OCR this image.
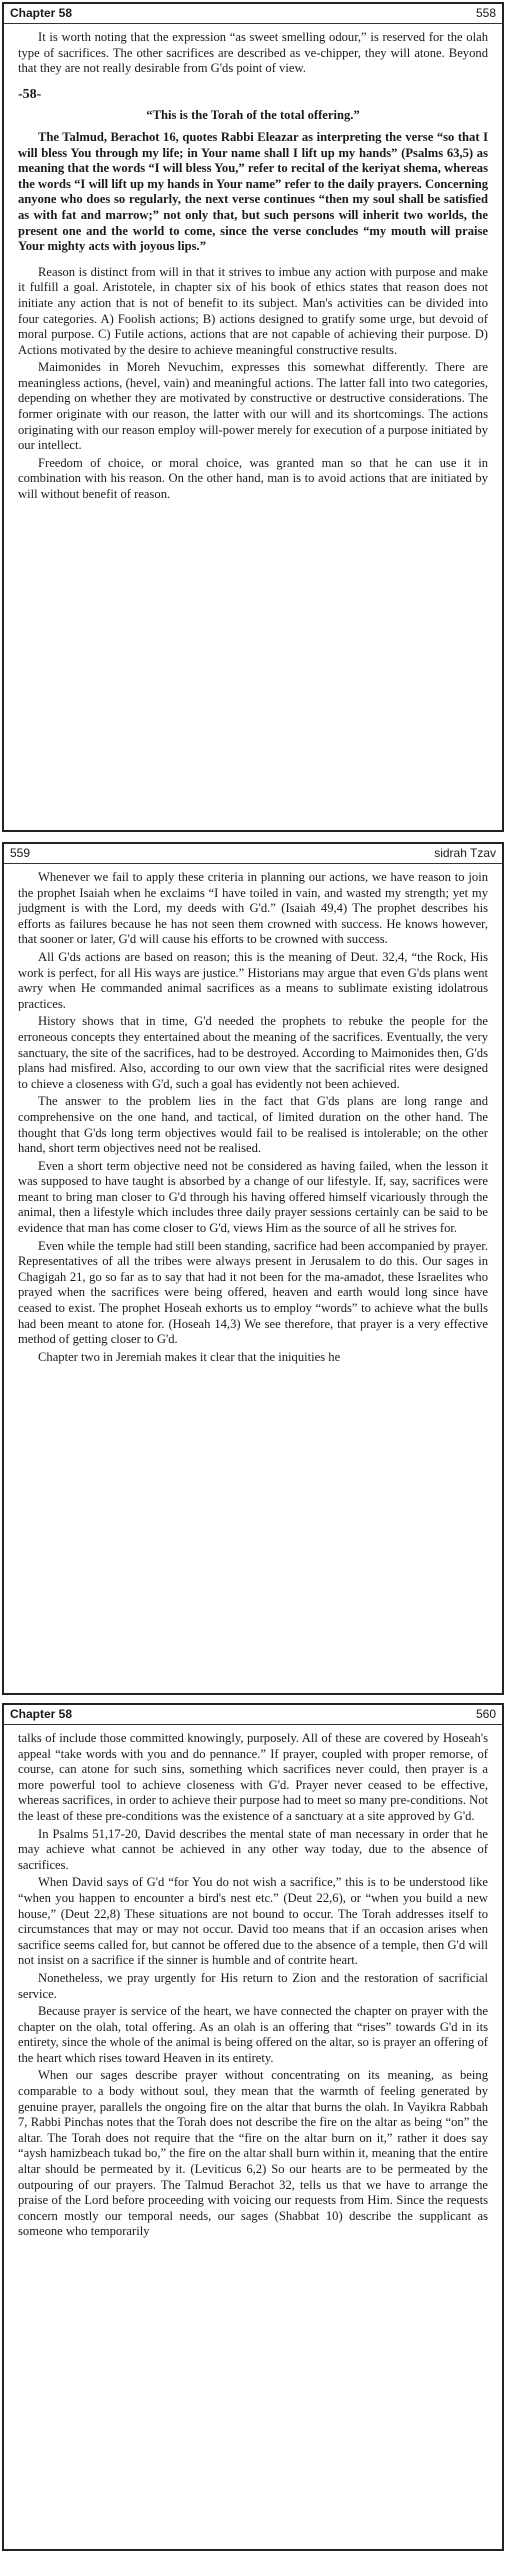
Chapter 58	558

It is worth noting that the expression “as sweet smelling odour,” is reserved for the olah type of sacrifices. The other sacrifices are described as ve-chipper, they will atone. Beyond that they are not really desirable from G'ds point of view.

-58-

“This is the Torah of the total offering.”

The Talmud, Berachot 16, quotes Rabbi Eleazar as interpreting the verse “so that I will bless You through my life; in Your name shall I lift up my hands” (Psalms 63,5) as meaning that the words “I will bless You,” refer to recital of the keriyat shema, whereas the words “I will lift up my hands in Your name” refer to the daily prayers. Concerning anyone who does so regularly, the next verse continues “then my soul shall be satisfied as with fat and marrow;” not only that, but such persons will inherit two worlds, the present one and the world to come, since the verse concludes “my mouth will praise Your mighty acts with joyous lips.”

Reason is distinct from will in that it strives to imbue any action with purpose and make it fulfill a goal. Aristotele, in chapter six of his book of ethics states that reason does not initiate any action that is not of benefit to its subject. Man's activities can be divided into four categories. A) Foolish actions; B) actions designed to gratify some urge, but devoid of moral purpose. C) Futile actions, actions that are not capable of achieving their purpose. D) Actions motivated by the desire to achieve meaningful constructive results.

Maimonides in Moreh Nevuchim, expresses this somewhat differently. There are meaningless actions, (hevel, vain) and meaningful actions. The latter fall into two categories, depending on whether they are motivated by constructive or destructive considerations. The former originate with our reason, the latter with our will and its shortcomings. The actions originating with our reason employ will-power merely for execution of a purpose initiated by our intellect.

Freedom of choice, or moral choice, was granted man so that he can use it in combination with his reason. On the other hand, man is to avoid actions that are initiated by will without benefit of reason.

559	sidrah Tzav

Whenever we fail to apply these criteria in planning our actions, we have reason to join the prophet Isaiah when he exclaims “I have toiled in vain, and wasted my strength; yet my judgment is with the Lord, my deeds with G'd.” (Isaiah 49,4) The prophet describes his efforts as failures because he has not seen them crowned with success. He knows however, that sooner or later, G'd will cause his efforts to be crowned with success.

All G'ds actions are based on reason; this is the meaning of Deut. 32,4, “the Rock, His work is perfect, for all His ways are justice.” Historians may argue that even G'ds plans went awry when He commanded animal sacrifices as a means to sublimate existing idolatrous practices.

History shows that in time, G'd needed the prophets to rebuke the people for the erroneous concepts they entertained about the meaning of the sacrifices. Eventually, the very sanctuary, the site of the sacrifices, had to be destroyed. According to Maimonides then, G'ds plans had misfired. Also, according to our own view that the sacrificial rites were designed to chieve a closeness with G'd, such a goal has evidently not been achieved.

The answer to the problem lies in the fact that G'ds plans are long range and comprehensive on the one hand, and tactical, of limited duration on the other hand. The thought that G'ds long term objectives would fail to be realised is intolerable; on the other hand, short term objectives need not be realised.

Even a short term objective need not be considered as having failed, when the lesson it was supposed to have taught is absorbed by a change of our lifestyle. If, say, sacrifices were meant to bring man closer to G'd through his having offered himself vicariously through the animal, then a lifestyle which includes three daily prayer sessions certainly can be said to be evidence that man has come closer to G'd, views Him as the source of all he strives for.

Even while the temple had still been standing, sacrifice had been accompanied by prayer. Representatives of all the tribes were always present in Jerusalem to do this. Our sages in Chagigah 21, go so far as to say that had it not been for the ma-amadot, these Israelites who prayed when the sacrifices were being offered, heaven and earth would long since have ceased to exist. The prophet Hoseah exhorts us to employ “words” to achieve what the bulls had been meant to atone for. (Hoseah 14,3) We see therefore, that prayer is a very effective method of getting closer to G'd.

Chapter two in Jeremiah makes it clear that the iniquities he

Chapter 58	560

talks of include those committed knowingly, purposely. All of these are covered by Hoseah's appeal “take words with you and do pennance.” If prayer, coupled with proper remorse, of course, can atone for such sins, something which sacrifices never could, then prayer is a more powerful tool to achieve closeness with G'd. Prayer never ceased to be effective, whereas sacrifices, in order to achieve their purpose had to meet so many pre-conditions. Not the least of these pre-conditions was the existence of a sanctuary at a site approved by G'd.

In Psalms 51,17-20, David describes the mental state of man necessary in order that he may achieve what cannot be achieved in any other way today, due to the absence of sacrifices.

When David says of G'd “for You do not wish a sacrifice,” this is to be understood like “when you happen to encounter a bird's nest etc.” (Deut 22,6), or “when you build a new house,” (Deut 22,8) These situations are not bound to occur. The Torah addresses itself to circumstances that may or may not occur. David too means that if an occasion arises when sacrifice seems called for, but cannot be offered due to the absence of a temple, then G'd will not insist on a sacrifice if the sinner is humble and of contrite heart.

Nonetheless, we pray urgently for His return to Zion and the restoration of sacrificial service.

Because prayer is service of the heart, we have connected the chapter on prayer with the chapter on the olah, total offering. As an olah is an offering that “rises” towards G'd in its entirety, since the whole of the animal is being offered on the altar, so is prayer an offering of the heart which rises toward Heaven in its entirety.

When our sages describe prayer without concentrating on its meaning, as being comparable to a body without soul, they mean that the warmth of feeling generated by genuine prayer, parallels the ongoing fire on the altar that burns the olah. In Vayikra Rabbah 7, Rabbi Pinchas notes that the Torah does not describe the fire on the altar as being “on” the altar. The Torah does not require that the “fire on the altar burn on it,” rather it does say “aysh hamizbeach tukad bo,” the fire on the altar shall burn within it, meaning that the entire altar should be permeated by it. (Leviticus 6,2) So our hearts are to be permeated by the outpouring of our prayers. The Talmud Berachot 32, tells us that we have to arrange the praise of the Lord before proceeding with voicing our requests from Him. Since the requests concern mostly our temporal needs, our sages (Shabbat 10) describe the supplicant as someone who temporarily
